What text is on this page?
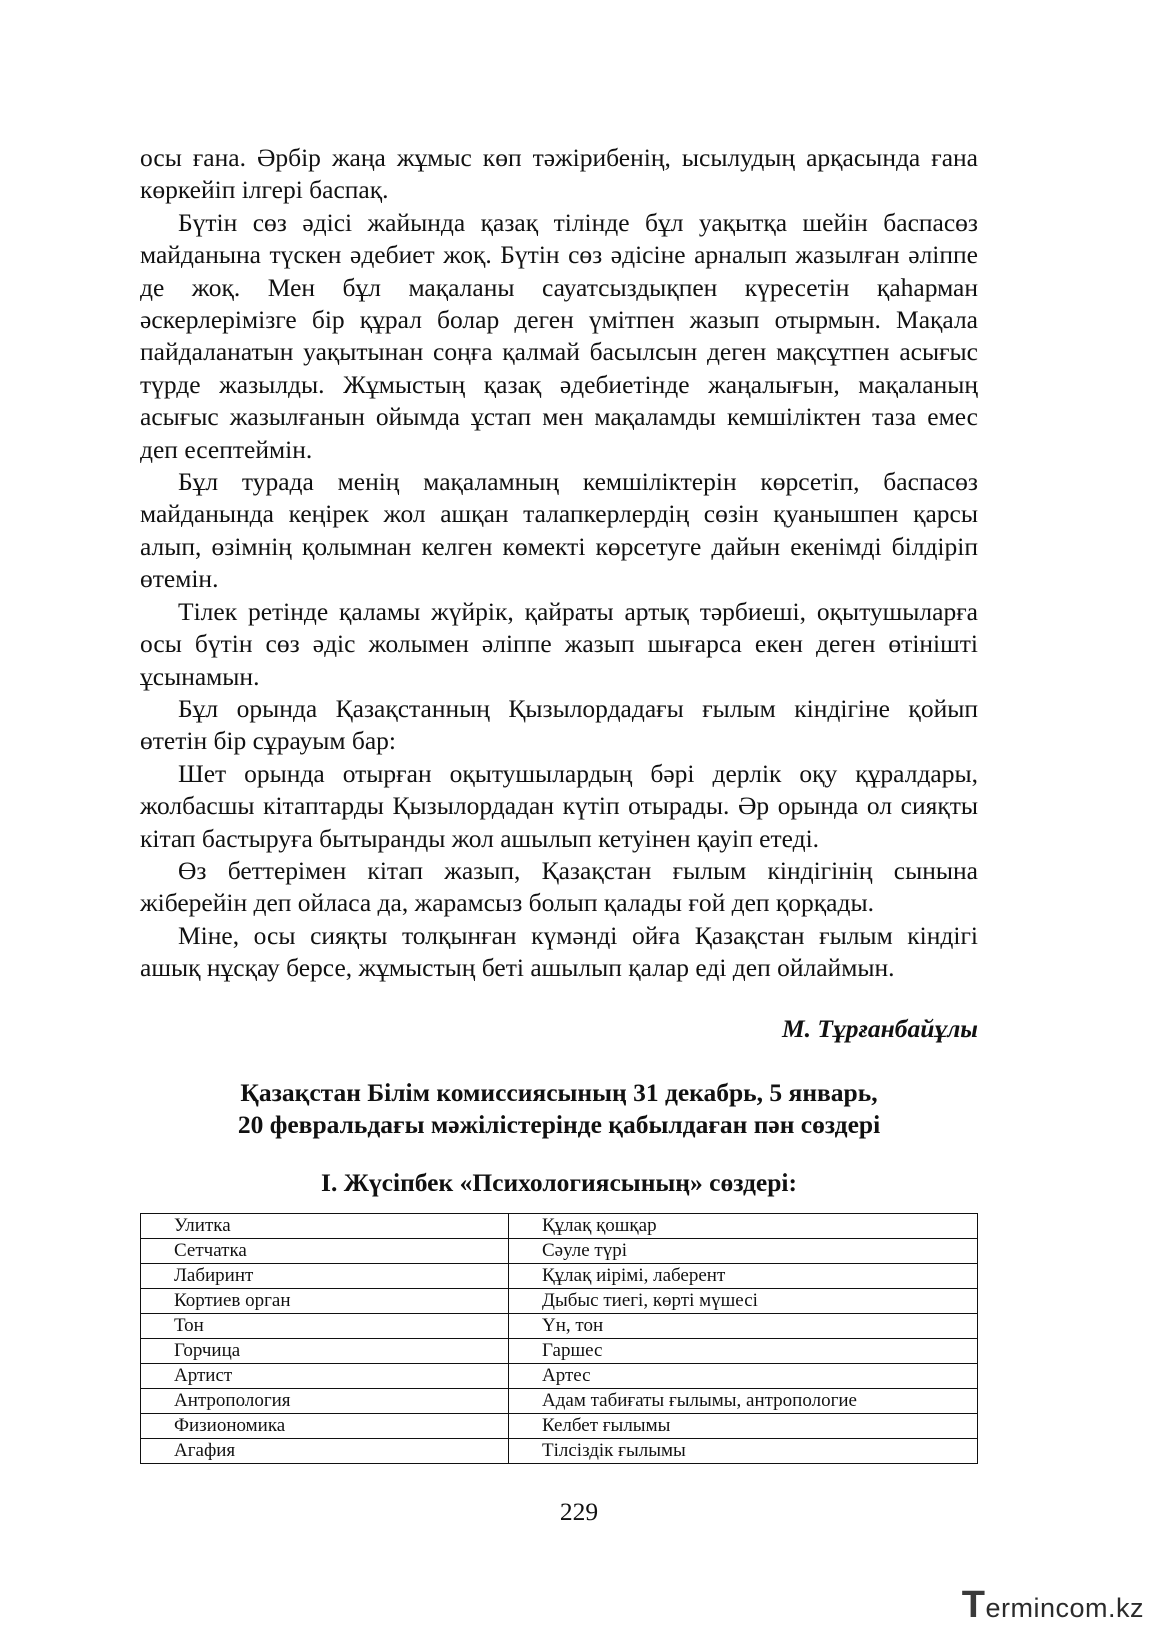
осы ғана. Әрбір жаңа жұмыс көп тәжірибенің, ысылудың арқасында ғана көркейіп ілгері баспақ.

Бүтін сөз әдісі жайында қазақ тілінде бұл уақытқа шейін баспасөз майданына түскен әдебиет жоқ. Бүтін сөз әдісіне арналып жазылған әліппе де жоқ. Мен бұл мақаланы сауатсыздықпен күресетін қаһарман әскерлерімізге бір құрал болар деген үмітпен жазып отырмын. Мақала пайдаланатын уақытынан соңға қалмай басылсын деген мақсұтпен асығыс түрде жазылды. Жұмыстың қазақ әдебиетінде жаңалығын, мақаланың асығыс жазылғанын ойымда ұстап мен мақаламды кемшіліктен таза емес деп есептеймін.

Бұл турада менің мақаламның кемшіліктерін көрсетіп, баспасөз майданында кеңірек жол ашқан талапкерлердің сөзін қуанышпен қарсы алып, өзімнің қолымнан келген көмекті көрсетуге дайын екенімді білдіріп өтемін.

Тілек ретінде қаламы жүйрік, қайраты артық тәрбиеші, оқытушыларға осы бүтін сөз әдіс жолымен әліппе жазып шығарса екен деген өтінішті ұсынамын.

Бұл орында Қазақстанның Қызылордадағы ғылым кіндігіне қойып өтетін бір сұрауым бар:

Шет орында отырған оқытушылардың бәрі дерлік оқу құралдары, жолбасшы кітаптарды Қызылордадан күтіп отырады. Әр орында ол сияқты кітап бастыруға бытыранды жол ашылып кетуінен қауіп етеді.

Өз беттерімен кітап жазып, Қазақстан ғылым кіндігінің сынына жіберейін деп ойласа да, жарамсыз болып қалады ғой деп қорқады.

Міне, осы сияқты толқынған күмәнді ойға Қазақстан ғылым кіндігі ашық нұсқау берсе, жұмыстың беті ашылып қалар еді деп ойлаймын.

М. Тұрғанбайұлы
Қазақстан Білім комиссиясының 31 декабрь, 5 январь,
20 февральдағы мәжілістерінде қабылдаған пән сөздері
I. Жүсіпбек «Психологиясының» сөздері:
Улитка	Құлақ қошқар
Сетчатка	Сәуле түрі
Лабиринт	Құлақ иірімі, лаберент
Кортиев орган	Дыбыс тиегі, көрті мүшесі
Тон	Үн, тон
Горчица	Гаршес
Артист	Артес
Антропология	Адам табиғаты ғылымы, антропологие
Физиономика	Келбет ғылымы
Агафия	Тілсіздік ғылымы
229
Termincom.kz
